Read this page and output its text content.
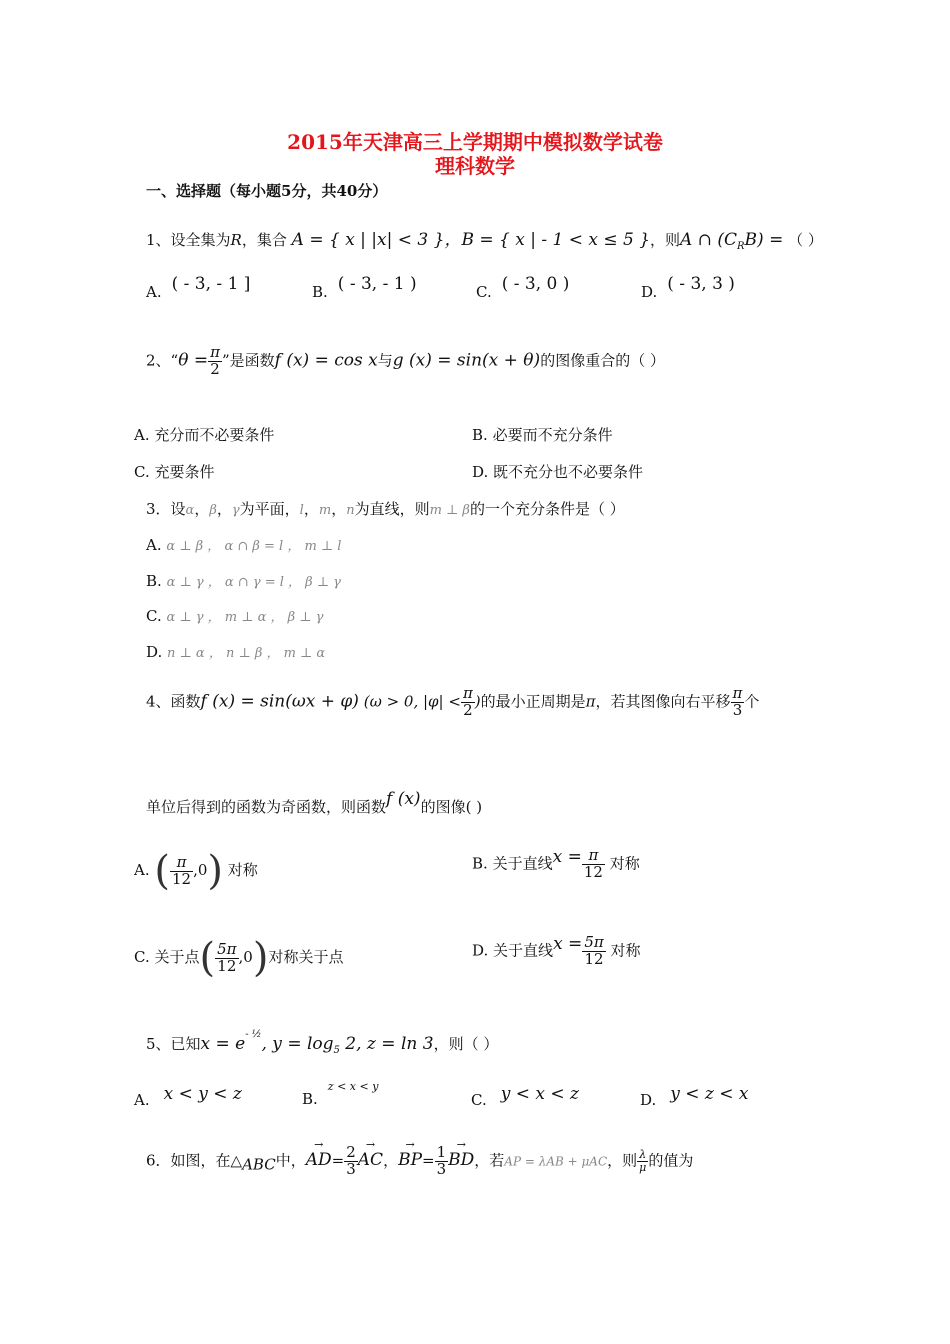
2015年天津高三上学期期中模拟数学试卷
理科数学
一、选择题（每小题5分，共40分）
1、设全集为R，集合 A = { x | |x| < 3 }，B = { x | - 1 < x ≤ 5 }，则A ∩ $(C_RB)$ = （ ）
A. ( - 3, - 1 ]	B. ( - 3, - 1 )	C. ( - 3, 0 )	D. ( - 3, 3 )
2、“$\theta = \frac{\pi}{2}$ ”是函数f (x) = cos x与g (x) = sin(x + θ)的图像重合的（ ）
A. 充分而不必要条件	B. 必要而不充分条件
C. 充要条件	D. 既不充分也不必要条件
3．设α，β，γ为平面，l，m，n为直线，则m ⊥ β的一个充分条件是（ ）
A. α ⊥ β ， α ∩ β = l ， m ⊥ l
B. α ⊥ γ ， α ∩ γ = l ， β ⊥ γ
C. α ⊥ γ ， m ⊥ α ， β ⊥ γ
D. n ⊥ α ， n ⊥ β ， m ⊥ α
4、函数f (x) = sin(ωx + φ) (ω > 0, $|\varphi| < \frac{\pi}{2}$ )的最小正周期是π，若其图像向右平移 $\frac{\pi}{3}$ 个
单位后得到的函数为奇函数，则函数f (x)的图像( )
A. ( $\frac{\pi}{12} ,0$) 对称	B. 关于直线$x = \frac{\pi}{12}$ 对称
C. 关于点( $\frac{5\pi}{12} ,0$)对称关于点	D. 关于直线$x = \frac{5\pi}{12}$ 对称
5、已知$x = e^{- \frac{1}{2}}$, $y = \log_5 2$, z = ln 3，则（ ）
A. x < y < z	B.$^{z < x < y}$
C. y < x < z	D. y < z < x
6．如图，在$\triangle_{ABC}$中，→ $AD= \frac{2}{3}$ → AC，→ $BP= \frac{1}{3}$ → BD，若AP = λAB + μAC，则 $\frac{\lambda}{\mu}$ 的值为
